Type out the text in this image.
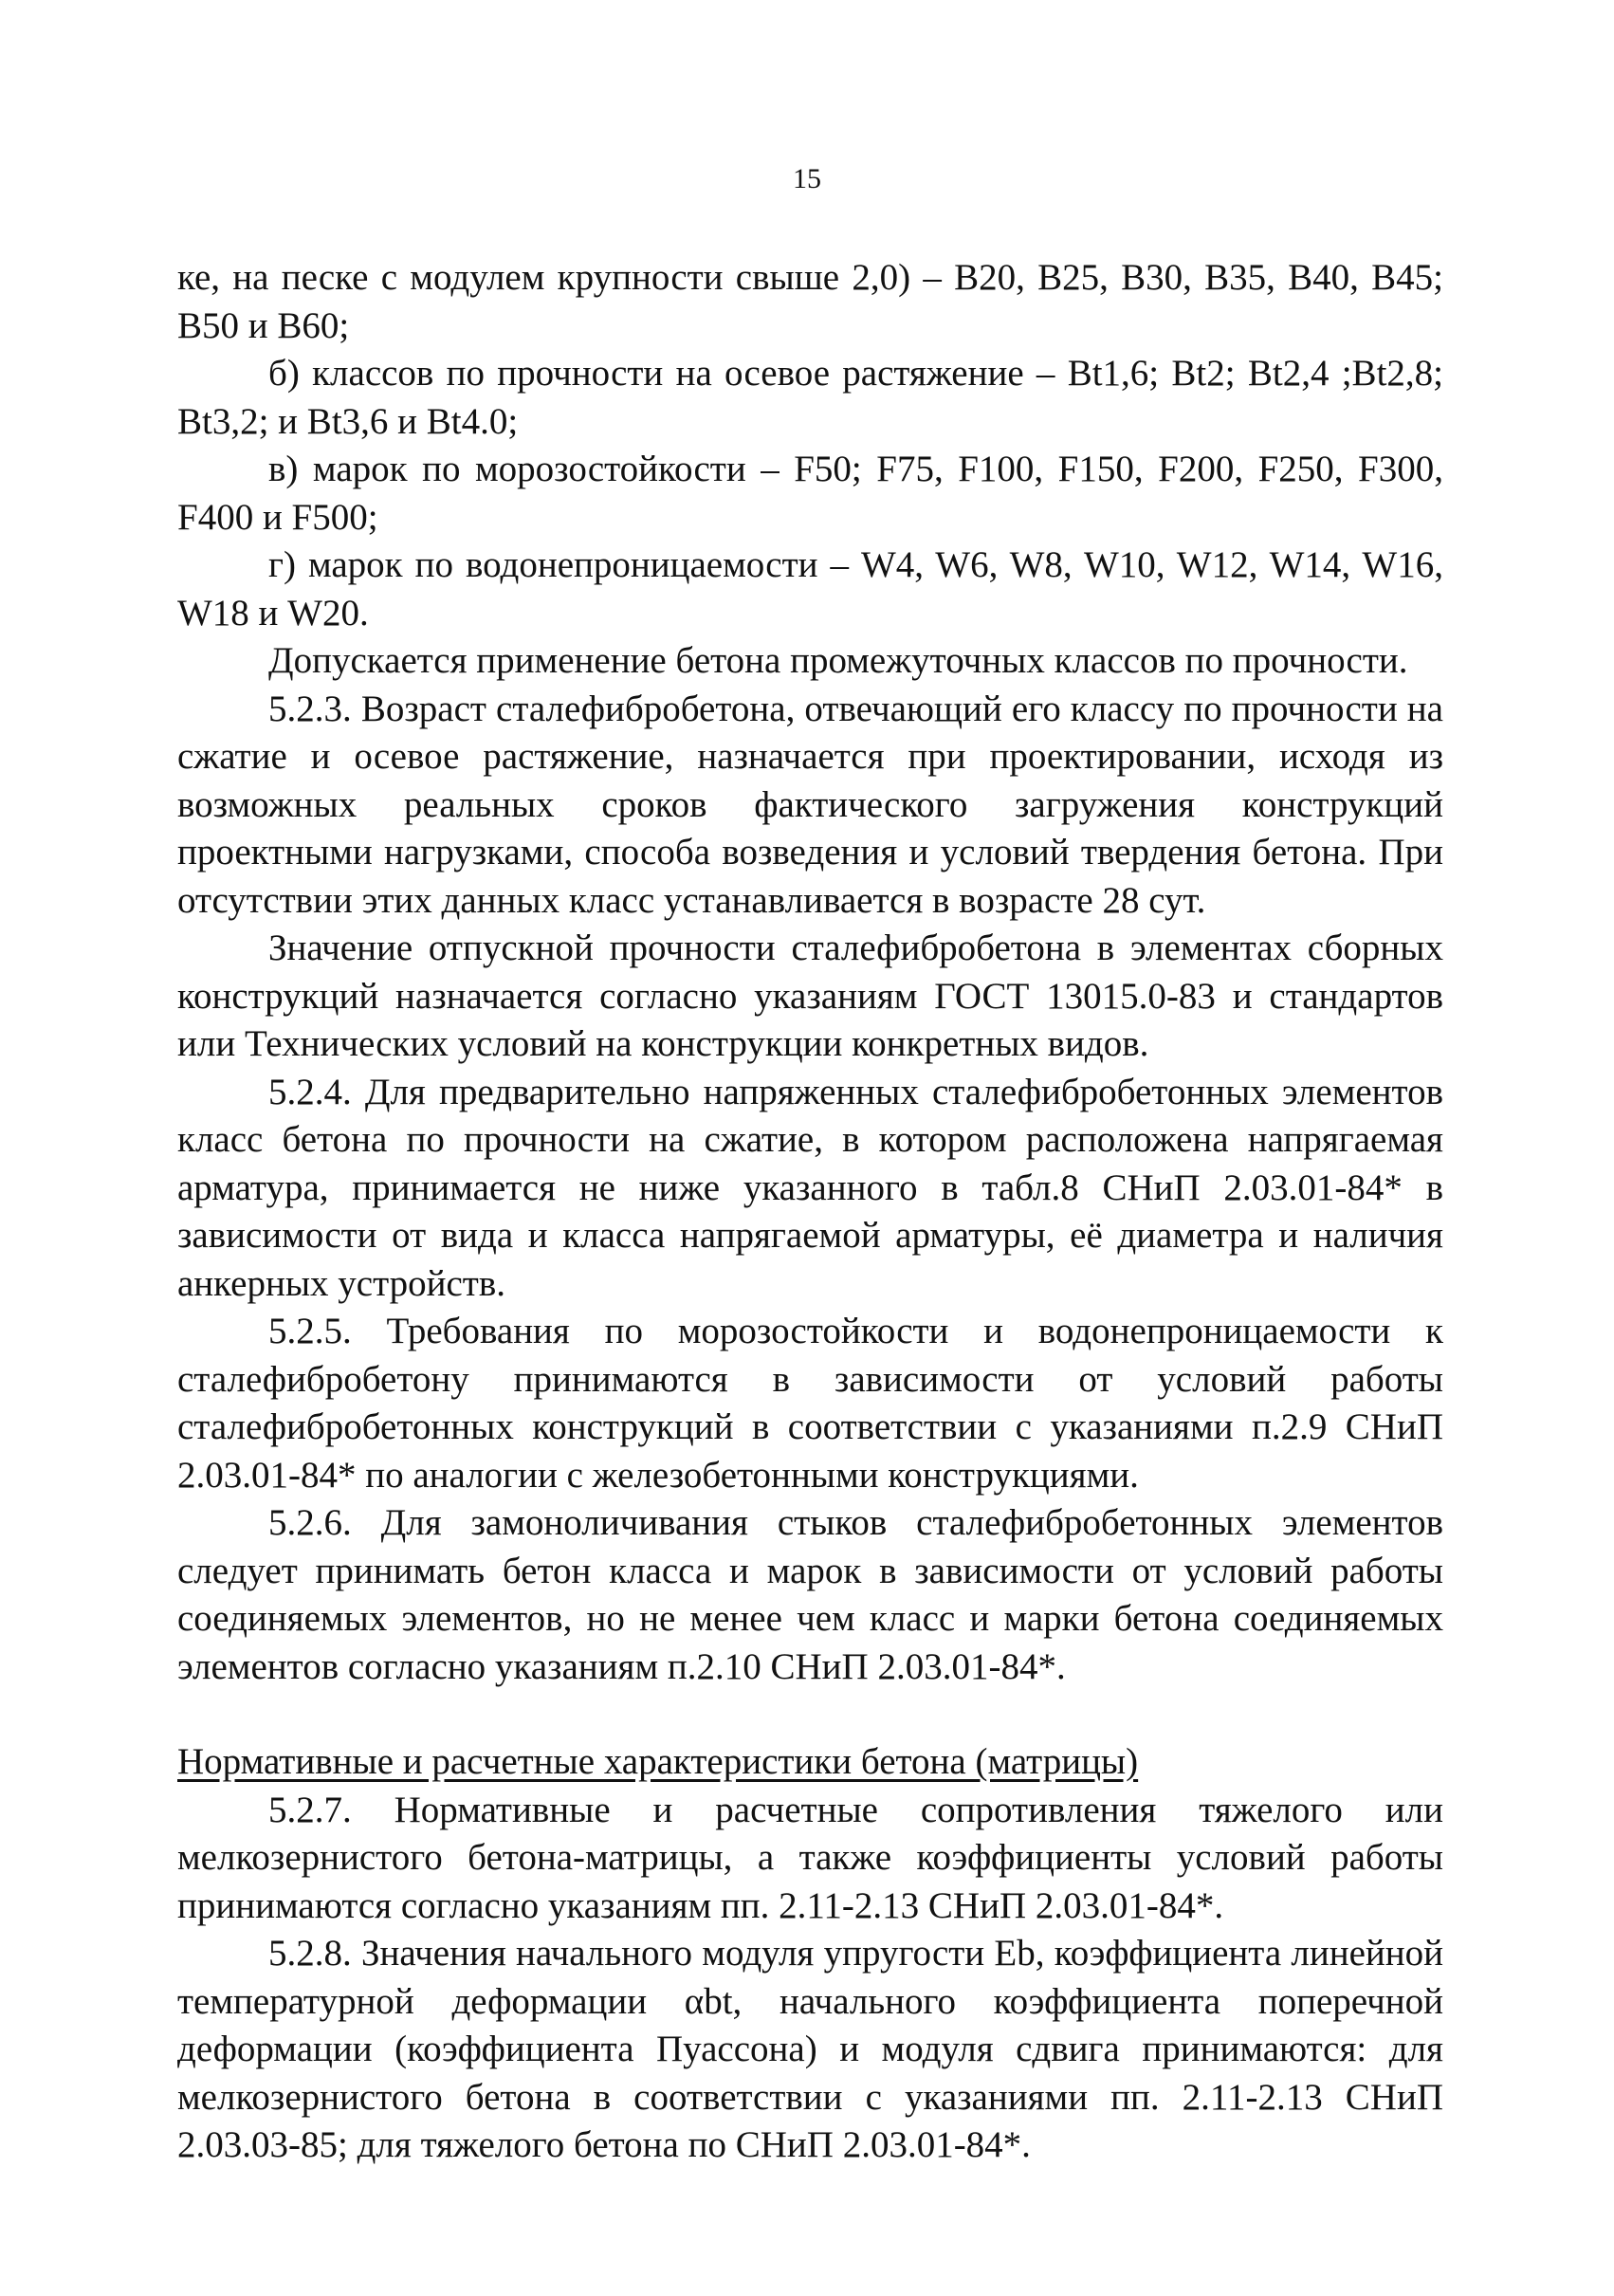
15

ке, на песке с модулем крупности свыше 2,0) – В20, В25, В30, В35, В40, В45; В50 и В60;

б) классов по прочности на осевое растяжение – Bt1,6; Bt2; Bt2,4 ;Bt2,8; Bt3,2; и Bt3,6 и Bt4.0;

в) марок по морозостойкости – F50; F75, F100, F150, F200, F250, F300, F400 и F500;

г) марок по водонепроницаемости – W4, W6, W8, W10, W12, W14, W16, W18 и W20.

Допускается применение бетона промежуточных классов по прочности.

5.2.3. Возраст сталефибробетона, отвечающий его классу по прочности на сжатие и осевое растяжение, назначается при проектировании, исходя из возможных реальных сроков фактического загружения конструкций проектными нагрузками, способа возведения и условий твердения бетона. При отсутствии этих данных класс устанавливается в возрасте 28 сут.

Значение отпускной прочности сталефибробетона в элементах сборных конструкций назначается согласно указаниям ГОСТ 13015.0-83 и стандартов или Технических условий на конструкции конкретных видов.

5.2.4. Для предварительно напряженных сталефибробетонных элементов класс бетона по прочности на сжатие, в котором расположена напрягаемая арматура, принимается не ниже указанного в табл.8 СНиП 2.03.01-84* в зависимости от вида и класса напрягаемой арматуры, её диаметра и наличия анкерных устройств.

5.2.5. Требования по морозостойкости и водонепроницаемости к сталефибробетону принимаются в зависимости от условий работы сталефибробетонных конструкций в соответствии с указаниями п.2.9 СНиП 2.03.01-84* по аналогии с железобетонными конструкциями.

5.2.6. Для замоноличивания стыков сталефибробетонных элементов следует принимать бетон класса и марок в зависимости от условий работы соединяемых элементов, но не менее чем класс и марки бетона соединяемых элементов согласно указаниям п.2.10 СНиП 2.03.01-84*.

Нормативные и расчетные характеристики бетона (матрицы)

5.2.7. Нормативные и расчетные сопротивления тяжелого или мелкозернистого бетона-матрицы, а также коэффициенты условий работы принимаются согласно указаниям пп. 2.11-2.13 СНиП 2.03.01-84*.

5.2.8. Значения начального модуля упругости Eb, коэффициента линейной температурной деформации αbt, начального коэффициента поперечной деформации (коэффициента Пуассона) и модуля сдвига принимаются: для мелкозернистого бетона в соответствии с указаниями пп. 2.11-2.13 СНиП 2.03.03-85; для тяжелого бетона по СНиП 2.03.01-84*.
